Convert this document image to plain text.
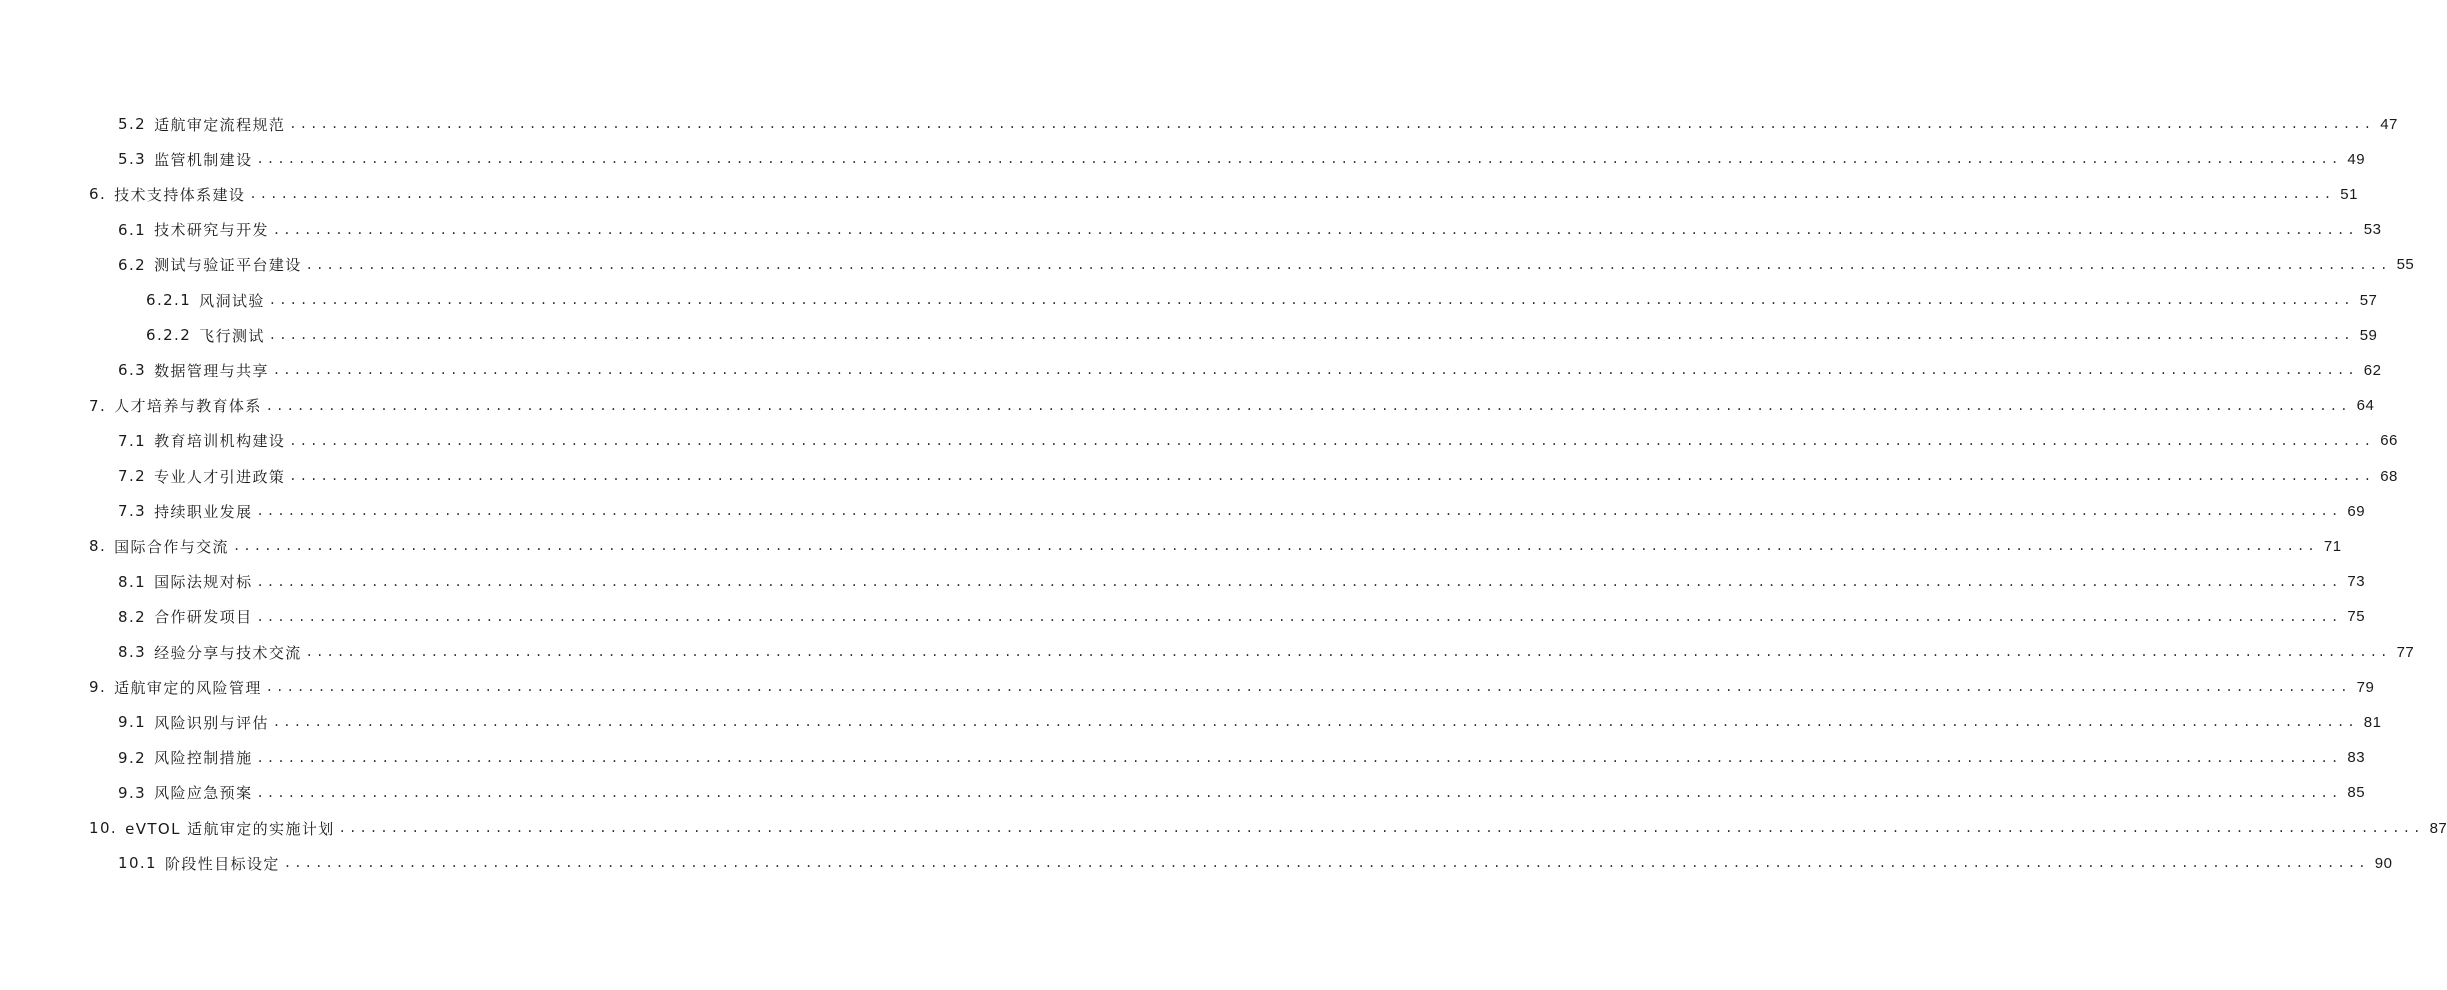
5.2 适航审定流程规范 ........................................................................................................................................................................................................ 47
5.3 监管机制建设 ........................................................................................................................................................................................................ 49
6. 技术支持体系建设 ........................................................................................................................................................................................................ 51
6.1 技术研究与开发 ........................................................................................................................................................................................................ 53
6.2 测试与验证平台建设 ........................................................................................................................................................................................................ 55
6.2.1 风洞试验 ........................................................................................................................................................................................................ 57
6.2.2 飞行测试 ........................................................................................................................................................................................................ 59
6.3 数据管理与共享 ........................................................................................................................................................................................................ 62
7. 人才培养与教育体系 ........................................................................................................................................................................................................ 64
7.1 教育培训机构建设 ........................................................................................................................................................................................................ 66
7.2 专业人才引进政策 ........................................................................................................................................................................................................ 68
7.3 持续职业发展 ........................................................................................................................................................................................................ 69
8. 国际合作与交流 ........................................................................................................................................................................................................ 71
8.1 国际法规对标 ........................................................................................................................................................................................................ 73
8.2 合作研发项目 ........................................................................................................................................................................................................ 75
8.3 经验分享与技术交流 ........................................................................................................................................................................................................ 77
9. 适航审定的风险管理 ........................................................................................................................................................................................................ 79
9.1 风险识别与评估 ........................................................................................................................................................................................................ 81
9.2 风险控制措施 ........................................................................................................................................................................................................ 83
9.3 风险应急预案 ........................................................................................................................................................................................................ 85
10. eVTOL 适航审定的实施计划 ........................................................................................................................................................................................................ 87
10.1 阶段性目标设定 ........................................................................................................................................................................................................ 90
